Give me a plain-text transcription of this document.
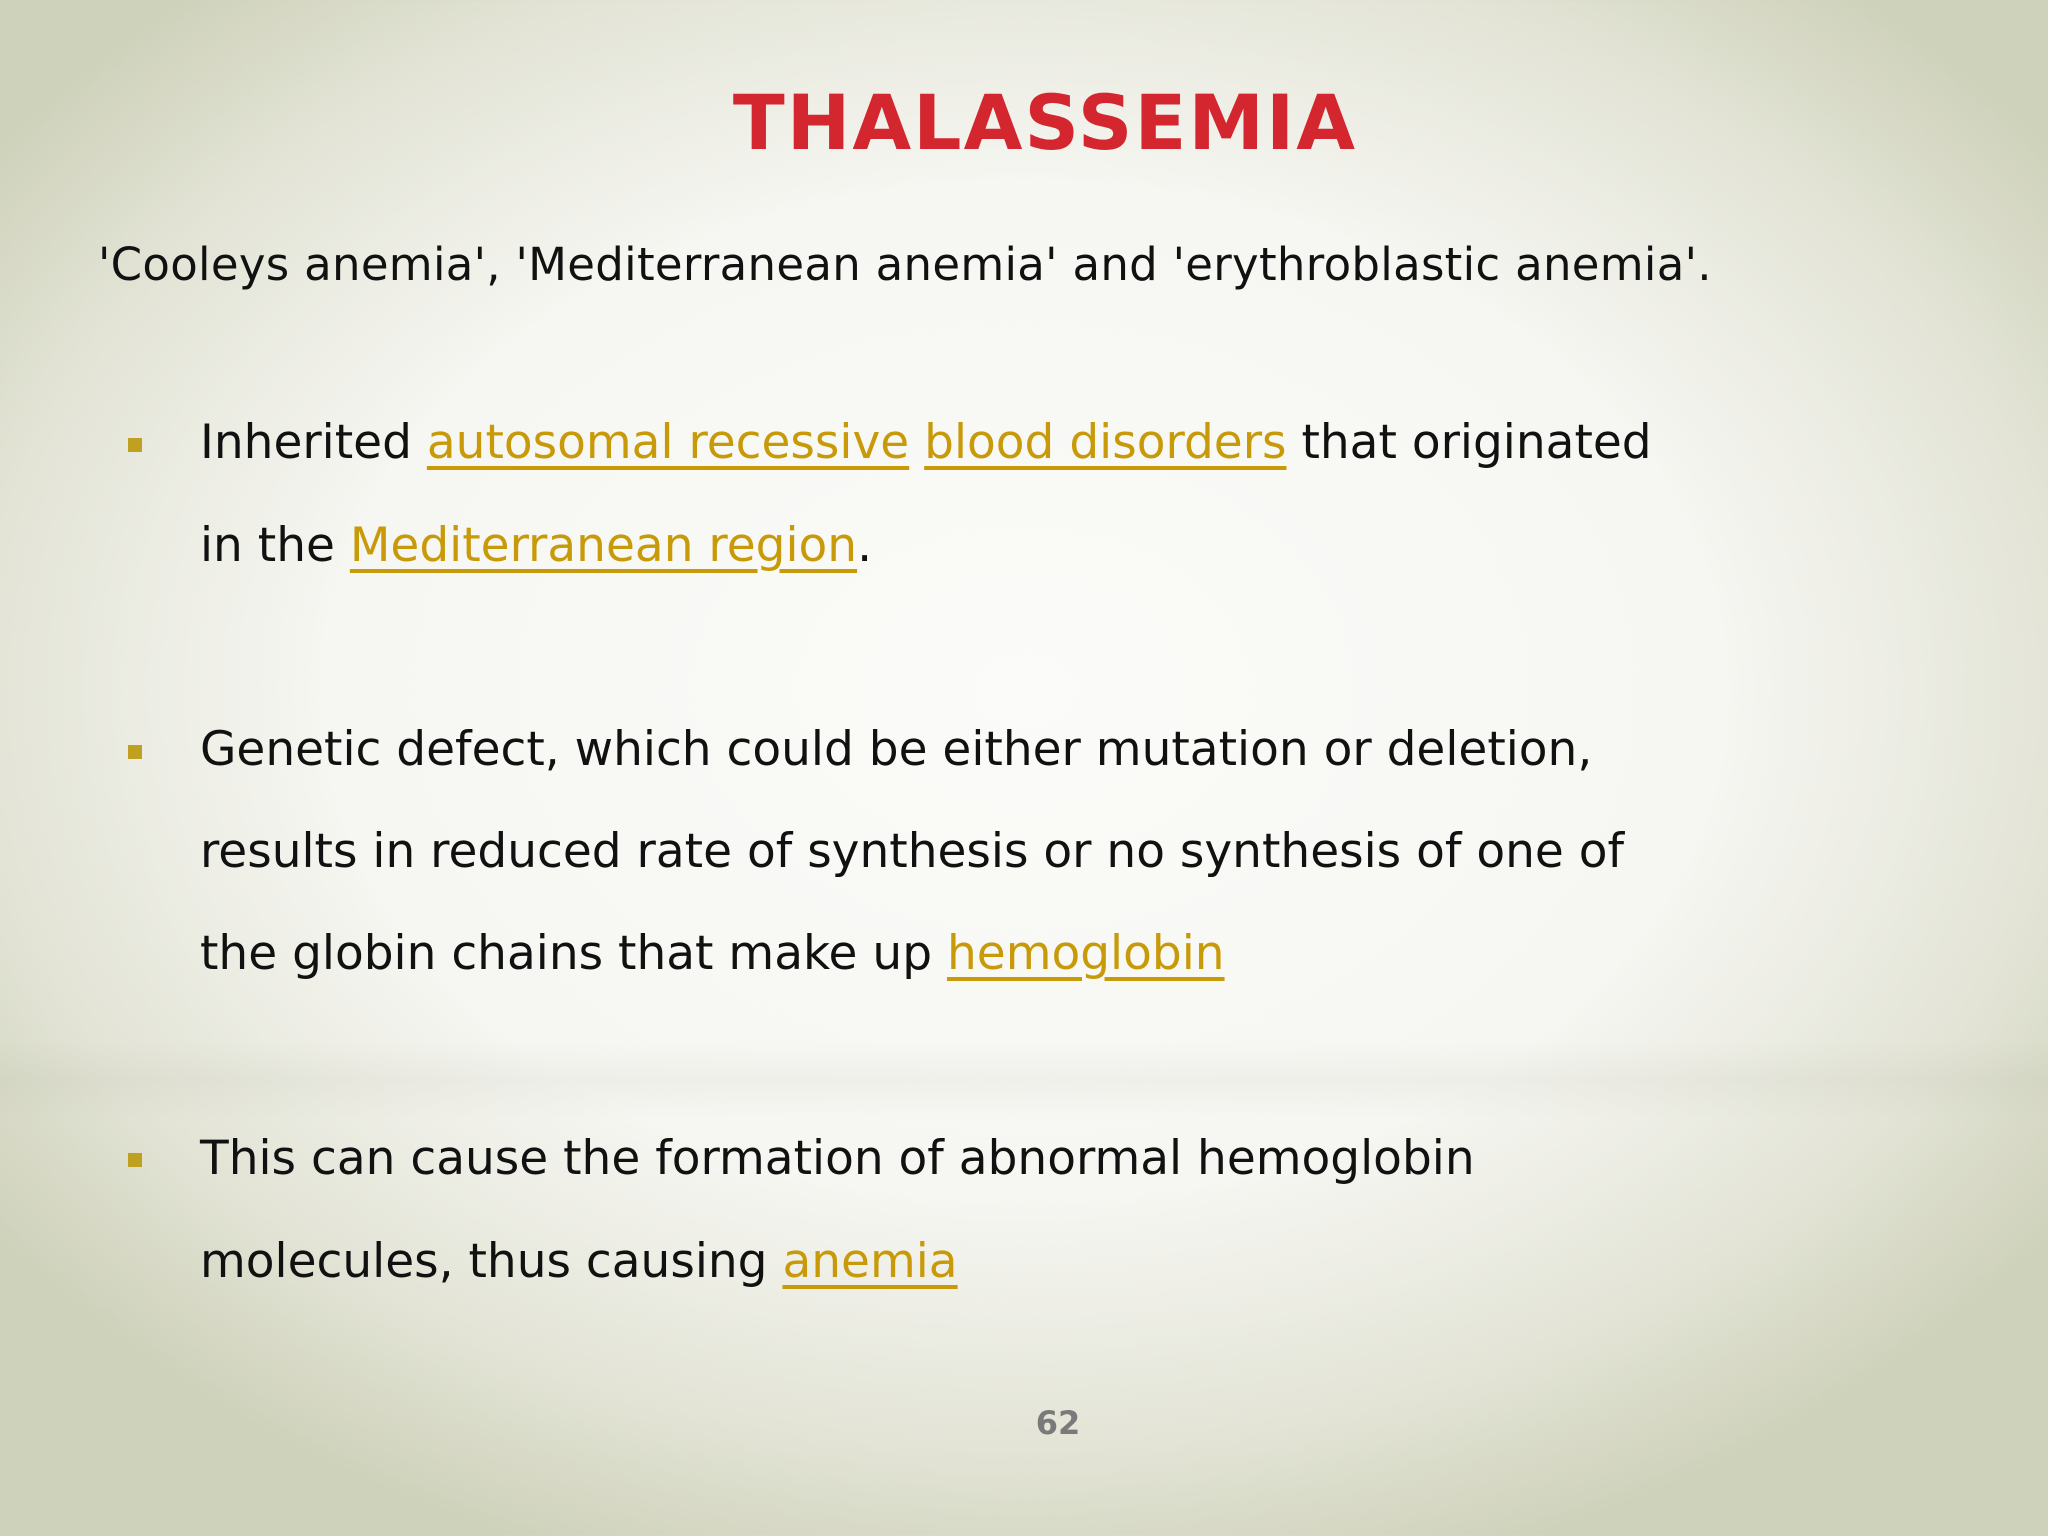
THALASSEMIA
'Cooleys anemia', 'Mediterranean anemia' and 'erythroblastic anemia'.
Inherited autosomal recessive blood disorders that originated
in the Mediterranean region.
Genetic defect, which could be either mutation or deletion,
results in reduced rate of synthesis or no synthesis of one of
the globin chains that make up hemoglobin
This can cause the formation of abnormal hemoglobin
molecules, thus causing anemia
62
